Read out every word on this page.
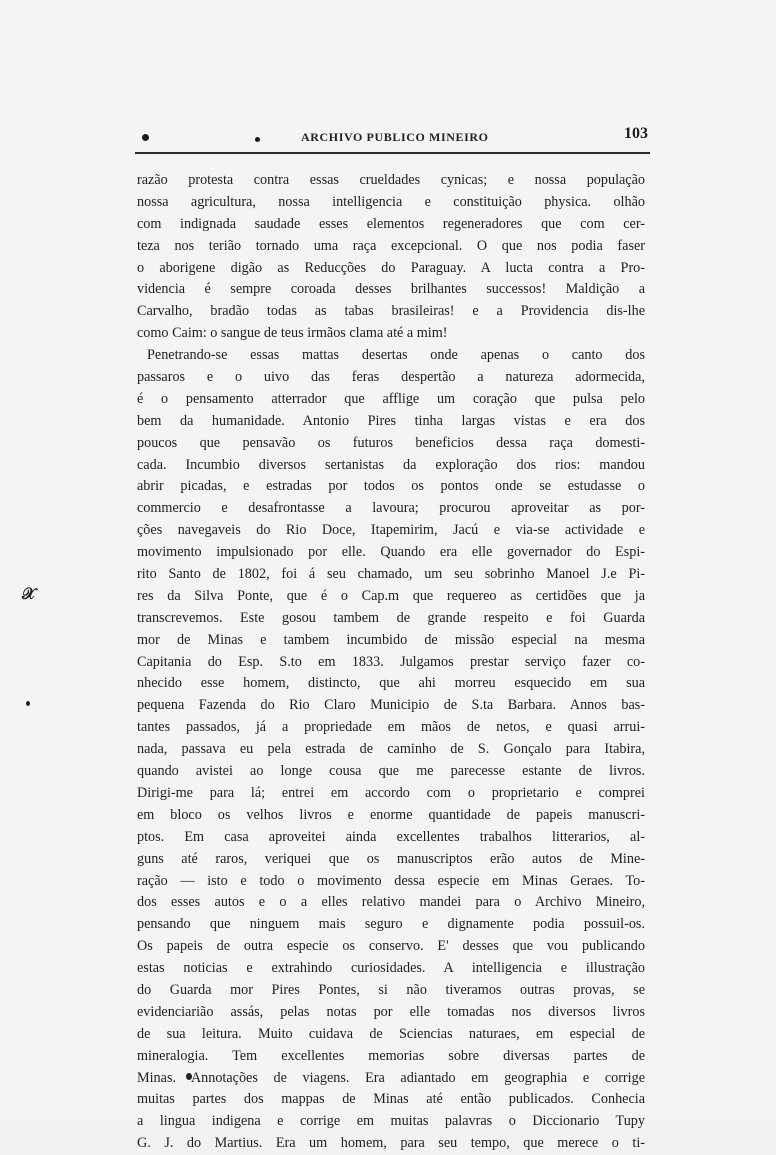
ARCHIVO PUBLICO MINEIRO	103
𝒳
razão protesta contra essas crueldades cynicas; e nossa população
nossa agricultura, nossa intelligencia e constituição physica. olhão
com indignada saudade esses elementos regeneradores que com cer-
teza nos terião tornado uma raça excepcional. O que nos podia faser
o aborigene digão as Reducções do Paraguay. A lucta contra a Pro-
videncia é sempre coroada desses brilhantes successos! Maldição a
Carvalho, bradão todas as tabas brasileiras! e a Providencia dis-lhe
como Caim: o sangue de teus irmãos clama até a mim!
Penetrando-se essas mattas desertas onde apenas o canto dos
passaros e o uivo das feras despertão a natureza adormecida,
é o pensamento atterrador que afflige um coração que pulsa pelo
bem da humanidade. Antonio Pires tinha largas vistas e era dos
poucos que pensavão os futuros beneficios dessa raça domesti-
cada. Incumbio diversos sertanistas da exploração dos rios: mandou
abrir picadas, e estradas por todos os pontos onde se estudasse o
commercio e desafrontasse a lavoura; procurou aproveitar as por-
ções navegaveis do Rio Doce, Itapemirim, Jacú e via-se actividade e
movimento impulsionado por elle. Quando era elle governador do Espi-
rito Santo de 1802, foi á seu chamado, um seu sobrinho Manoel J.e Pi-
res da Silva Ponte, que é o Cap.m que requereo as certidões que ja
transcrevemos. Este gosou tambem de grande respeito e foi Guarda
mor de Minas e tambem incumbido de missão especial na mesma
Capitania do Esp. S.to em 1833. Julgamos prestar serviço fazer co-
nhecido esse homem, distincto, que ahi morreu esquecido em sua
pequena Fazenda do Rio Claro Municipio de S.ta Barbara. Annos bas-
tantes passados, já a propriedade em mãos de netos, e quasi arrui-
nada, passava eu pela estrada de caminho de S. Gonçalo para Itabira,
quando avistei ao longe cousa que me parecesse estante de livros.
Dirigi-me para lá; entrei em accordo com o proprietario e comprei
em bloco os velhos livros e enorme quantidade de papeis manuscri-
ptos. Em casa aproveitei ainda excellentes trabalhos litterarios, al-
guns até raros, veriquei que os manuscriptos erão autos de Mine-
ração — isto e todo o movimento dessa especie em Minas Geraes. To-
dos esses autos e o a elles relativo mandei para o Archivo Mineiro,
pensando que ninguem mais seguro e dignamente podia possuil-os.
Os papeis de outra especie os conservo. E' desses que vou publicando
estas noticias e extrahindo curiosidades. A intelligencia e illustração
do Guarda mor Pires Pontes, si não tiveramos outras provas, se
evidenciarião assás, pelas notas por elle tomadas nos diversos livros
de sua leitura. Muito cuidava de Sciencias naturaes, em especial de
mineralogia. Tem excellentes memorias sobre diversas partes de
Minas. Annotações de viagens. Era adiantado em geographia e corrige
muitas partes dos mappas de Minas até então publicados. Conhecia
a lingua indigena e corrige em muitas palavras o Diccionario Tupy
G. J. do Martius. Era um homem, para seu tempo, que merece o ti-
